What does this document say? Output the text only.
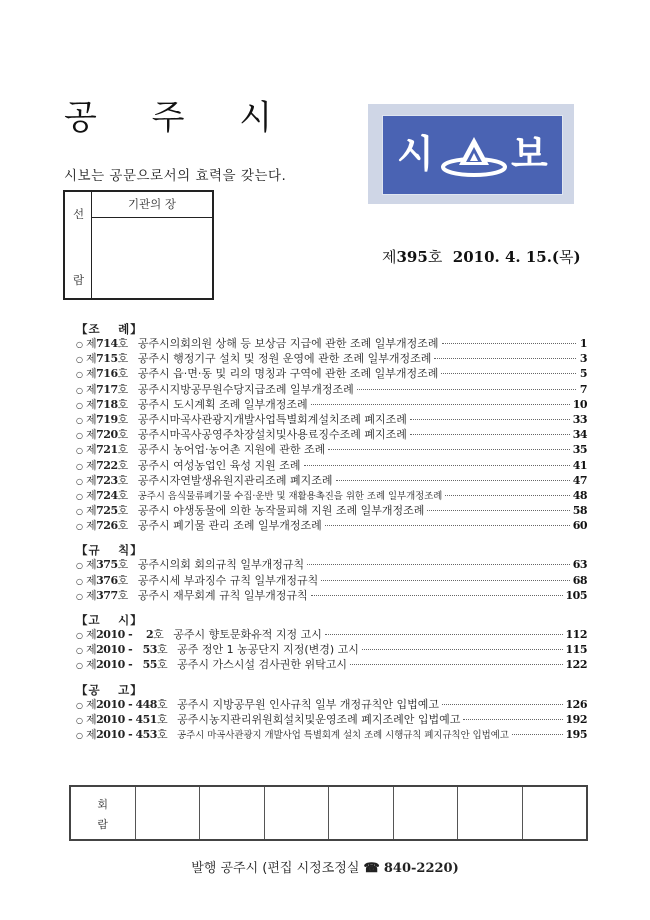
공 주 시
시보는 공문으로서의 효력을 갖는다.
선
람
기관의 장
시 보
제395호 2010. 4. 15.(목)
【조　 례】
○ 제714호 공주시의회의원 상해 등 보상금 지급에 관한 조례 일부개정조례	1
○ 제715호 공주시 행정기구 설치 및 정원 운영에 관한 조례 일부개정조례	3
○ 제716호 공주시 읍·면·동 및 리의 명칭과 구역에 관한 조례 일부개정조례	5
○ 제717호 공주시지방공무원수당지급조례 일부개정조례	7
○ 제718호 공주시 도시계획 조례 일부개정조례	10
○ 제719호 공주시마곡사관광지개발사업특별회계설치조례 폐지조례	33
○ 제720호 공주시마곡사공영주차장설치및사용료징수조례 폐지조례	34
○ 제721호 공주시 농어업·농어촌 지원에 관한 조례	35
○ 제722호 공주시 여성농업인 육성 지원 조례	41
○ 제723호 공주시자연발생유원지관리조례 폐지조례	47
○ 제724호 공주시 음식물류폐기물 수집·운반 및 재활용촉진을 위한 조례 일부개정조례	48
○ 제725호 공주시 야생동물에 의한 농작물피해 지원 조례 일부개정조례	58
○ 제726호 공주시 폐기물 관리 조례 일부개정조례	60
【규　 칙】
○ 제375호 공주시의회 회의규칙 일부개정규칙	63
○ 제376호 공주시세 부과징수 규칙 일부개정규칙	68
○ 제377호 공주시 재무회계 규칙 일부개정규칙	105
【고　 시】
○ 제2010 -　 2호 공주시 향토문화유적 지정 고시	112
○ 제2010 -　53호 공주 정안 1 농공단지 지정(변경) 고시	115
○ 제2010 -　55호 공주시 가스시설 검사권한 위탁고시	122
【공　 고】
○ 제2010 - 448호 공주시 지방공무원 인사규칙 일부 개정규칙안 입법예고	126
○ 제2010 - 451호 공주시농지관리위원회설치및운영조례 폐지조례안 입법예고	192
○ 제2010 - 453호 공주시 마곡사관광지 개발사업 특별회계 설치 조례 시행규칙 폐지규칙안 입법예고	195
회
람
발행 공주시 (편집 시정조정실 ☎ 840-2220)
